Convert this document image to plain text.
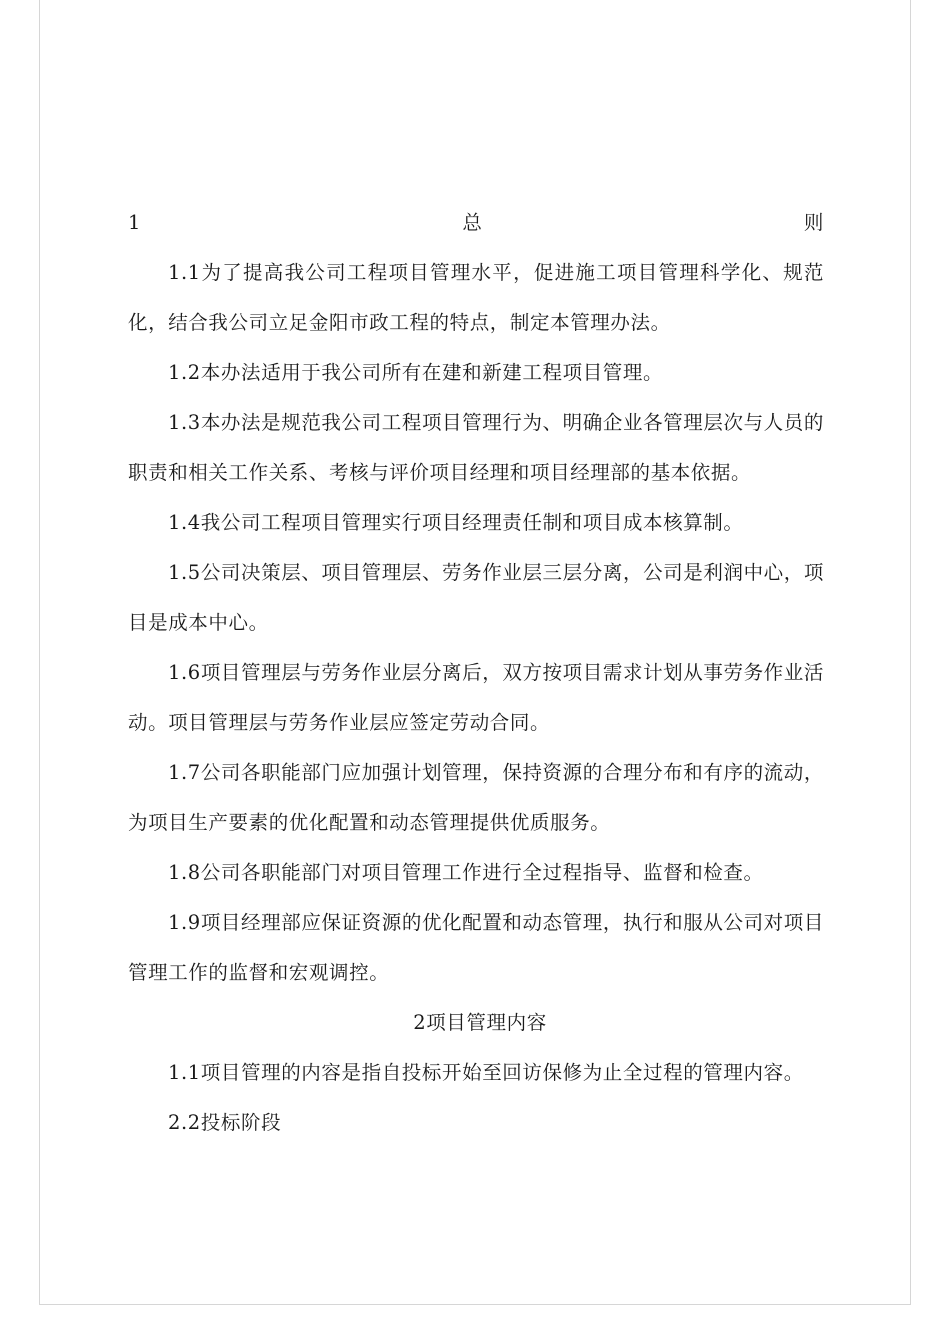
1	总	则

1.1为了提高我公司工程项目管理水平，促进施工项目管理科学化、规范化，结合我公司立足金阳市政工程的特点，制定本管理办法。

1.2本办法适用于我公司所有在建和新建工程项目管理。

1.3本办法是规范我公司工程项目管理行为、明确企业各管理层次与人员的职责和相关工作关系、考核与评价项目经理和项目经理部的基本依据。

1.4我公司工程项目管理实行项目经理责任制和项目成本核算制。

1.5公司决策层、项目管理层、劳务作业层三层分离，公司是利润中心，项目是成本中心。

1.6项目管理层与劳务作业层分离后，双方按项目需求计划从事劳务作业活动。项目管理层与劳务作业层应签定劳动合同。

1.7公司各职能部门应加强计划管理，保持资源的合理分布和有序的流动，为项目生产要素的优化配置和动态管理提供优质服务。

1.8公司各职能部门对项目管理工作进行全过程指导、监督和检查。

1.9项目经理部应保证资源的优化配置和动态管理，执行和服从公司对项目管理工作的监督和宏观调控。

2项目管理内容

1.1项目管理的内容是指自投标开始至回访保修为止全过程的管理内容。

2.2投标阶段
